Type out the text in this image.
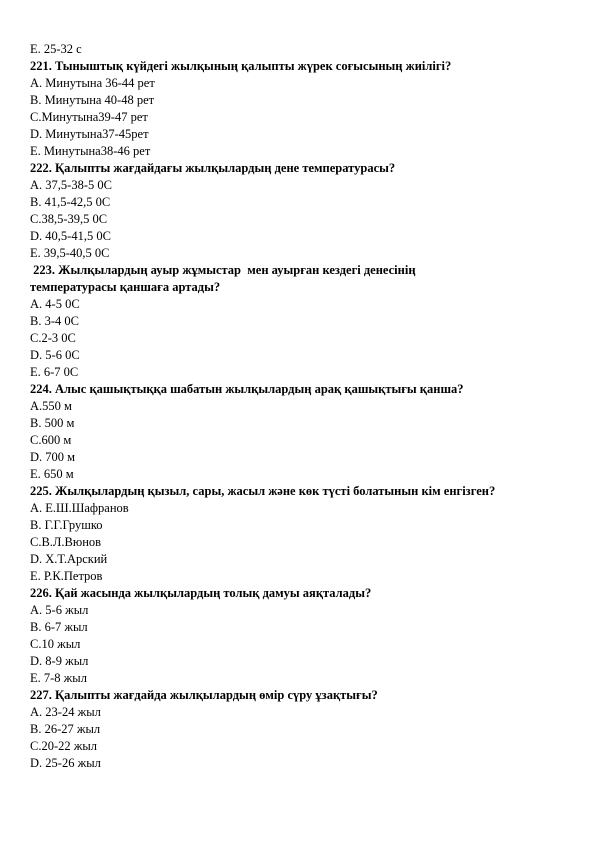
E. 25-32 с
221. Тыныштық күйдегі жылқының қалыпты жүрек соғысының жиілігі?
А. Минутына 36-44 рет
В. Минутына 40-48 рет
С.Минутына39-47 рет
D. Минутына37-45рет
E. Минутына38-46 рет
222. Қалыпты жағдайдағы жылқылардың дене температурасы?
А. 37,5-38-5 0С
В. 41,5-42,5 0С
С.38,5-39,5 0С
D. 40,5-41,5 0С
E. 39,5-40,5 0С
223. Жылқылардың ауыр жұмыстар  мен ауырған кездегі денесінің
температурасы қаншаға артады?
А. 4-5 0С
В. 3-4 0С
С.2-3 0С
D. 5-6 0С
E. 6-7 0С
224. Алыс қашықтыққа шабатын жылқылардың арақ қашықтығы қанша?
А.550 м
В. 500 м
С.600 м
D. 700 м
E. 650 м
225. Жылқылардың қызыл, сары, жасыл және көк түсті болатынын кім енгізген?
А. Е.Ш.Шафранов
В. Г.Г.Грушко
С.В.Л.Вюнов
D. Х.Т.Арский
E. Р.К.Петров
226. Қай жасында жылқылардың толық дамуы аяқталады?
А. 5-6 жыл
В. 6-7 жыл
С.10 жыл
D. 8-9 жыл
E. 7-8 жыл
227. Қалыпты жағдайда жылқылардың өмір сүру ұзақтығы?
А. 23-24 жыл
В. 26-27 жыл
С.20-22 жыл
D. 25-26 жыл
